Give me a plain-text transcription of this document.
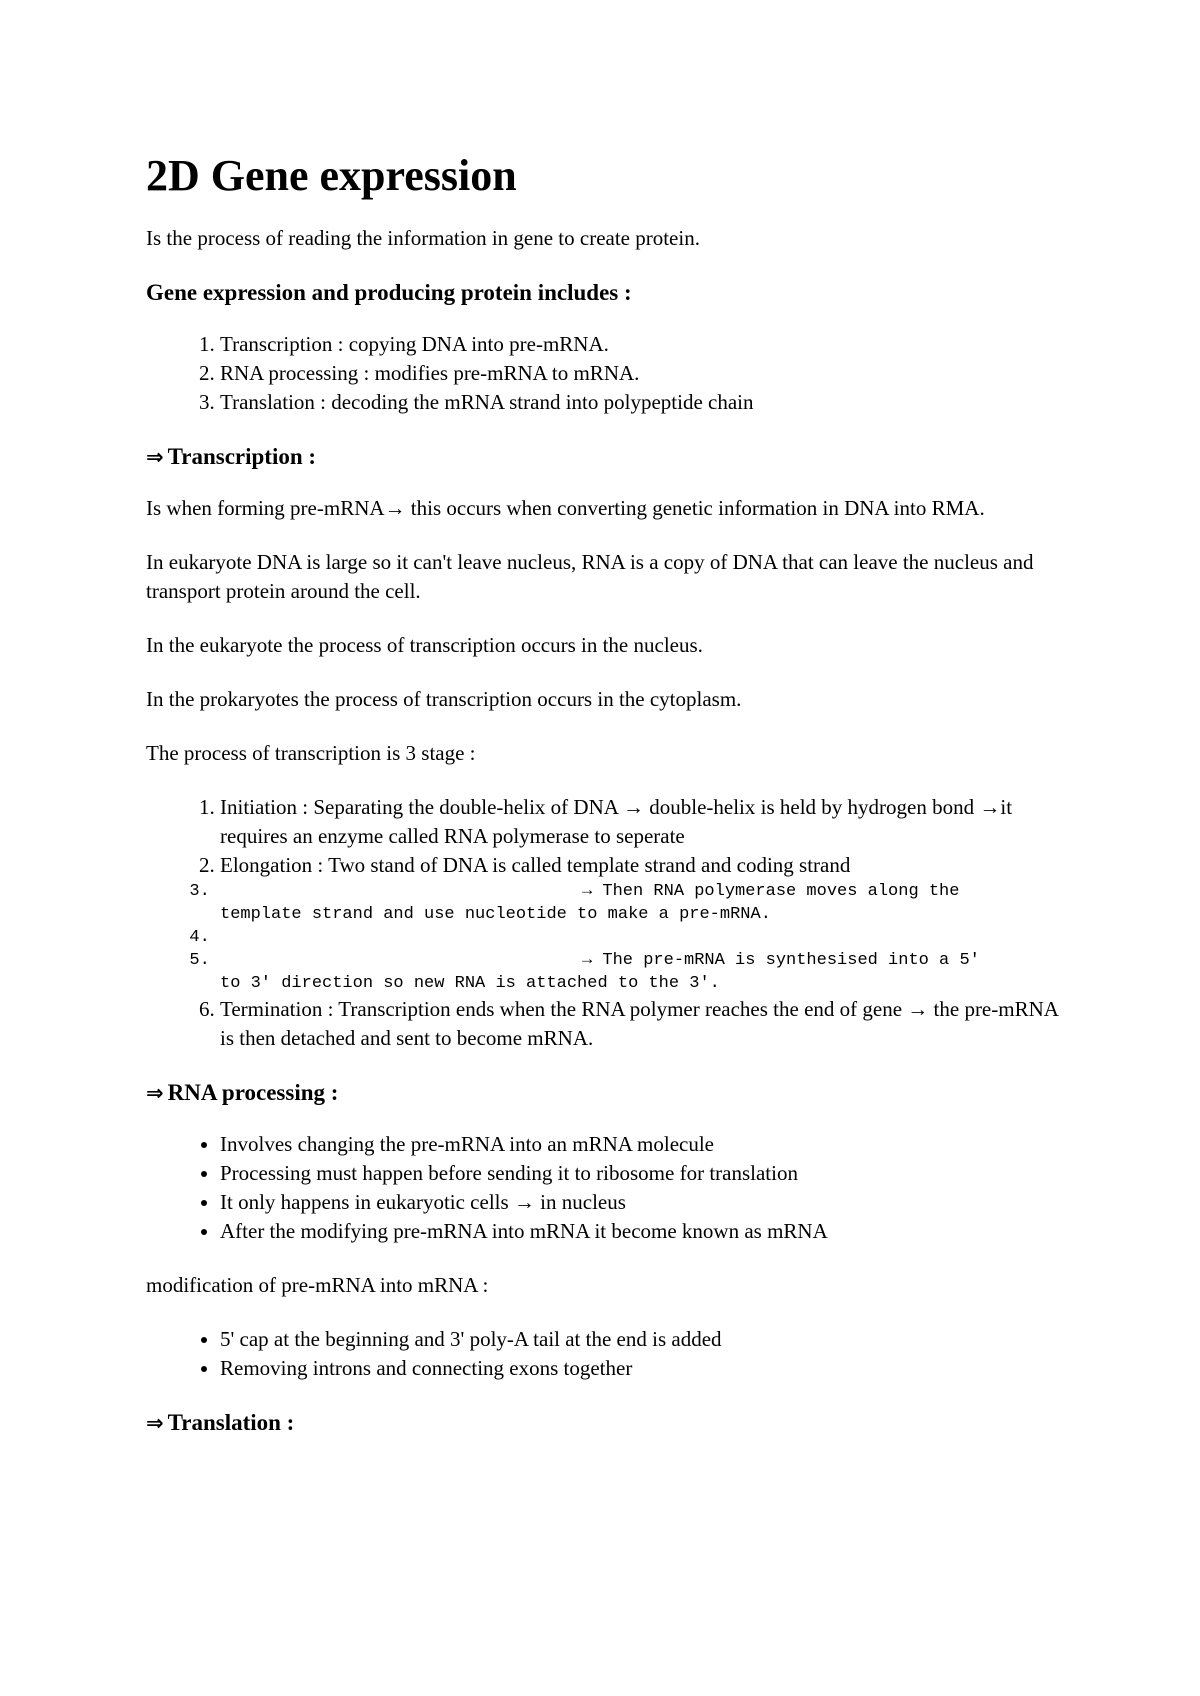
2D Gene expression

Is the process of reading the information in gene to create protein.

Gene expression and producing protein includes :
1. Transcription : copying DNA into pre-mRNA.
2. RNA processing : modifies pre-mRNA to mRNA.
3. Translation : decoding the mRNA strand into polypeptide chain
⇒ Transcription :

Is when forming pre-mRNA→ this occurs when converting genetic information in DNA into RMA.

In eukaryote DNA is large so it can't leave nucleus, RNA is a copy of DNA that can leave the nucleus and transport protein around the cell.

In the eukaryote the process of transcription occurs in the nucleus.

In the prokaryotes the process of transcription occurs in the cytoplasm.

The process of transcription is 3 stage :

1. Initiation : Separating the double-helix of DNA → double-helix is held by hydrogen bond →it requires an enzyme called RNA polymerase to seperate
2. Elongation : Two stand of DNA is called template strand and coding strand
3. → Then RNA polymerase moves along the
template strand and use nucleotide to make a pre-mRNA.
4.
5. → The pre-mRNA is synthesised into a 5'
to 3' direction so new RNA is attached to the 3'.
6. Termination : Transcription ends when the RNA polymer reaches the end of gene → the pre-mRNA is then detached and sent to become mRNA.
⇒ RNA processing :
• Involves changing the pre-mRNA into an mRNA molecule
• Processing must happen before sending it to ribosome for translation
• It only happens in eukaryotic cells → in nucleus
• After the modifying pre-mRNA into mRNA it become known as mRNA

modification of pre-mRNA into mRNA :

• 5' cap at the beginning and 3' poly-A tail at the end is added
• Removing introns and connecting exons together
⇒ Translation :
